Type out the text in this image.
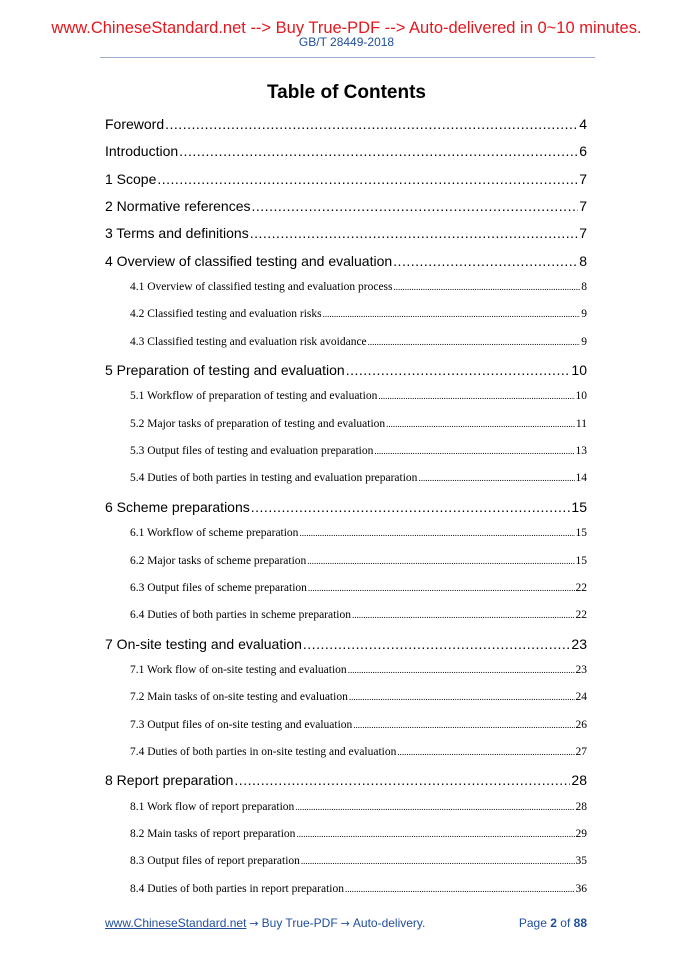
www.ChineseStandard.net --> Buy True-PDF --> Auto-delivered in 0~10 minutes.
GB/T 28449-2018
Table of Contents
Foreword .....	4
Introduction .....	6
1 Scope .....	7
2 Normative references .....	7
3 Terms and definitions .....	7
4 Overview of classified testing and evaluation .....	8
4.1 Overview of classified testing and evaluation process .....	8
4.2 Classified testing and evaluation risks .....	9
4.3 Classified testing and evaluation risk avoidance .....	9
5 Preparation of testing and evaluation .....	10
5.1 Workflow of preparation of testing and evaluation .....	10
5.2 Major tasks of preparation of testing and evaluation .....	11
5.3 Output files of testing and evaluation preparation .....	13
5.4 Duties of both parties in testing and evaluation preparation .....	14
6 Scheme preparations .....	15
6.1 Workflow of scheme preparation .....	15
6.2 Major tasks of scheme preparation .....	15
6.3 Output files of scheme preparation .....	22
6.4 Duties of both parties in scheme preparation .....	22
7 On-site testing and evaluation .....	23
7.1 Work flow of on-site testing and evaluation .....	23
7.2 Main tasks of on-site testing and evaluation .....	24
7.3 Output files of on-site testing and evaluation .....	26
7.4 Duties of both parties in on-site testing and evaluation .....	27
8 Report preparation .....	28
8.1 Work flow of report preparation .....	28
8.2 Main tasks of report preparation .....	29
8.3 Output files of report preparation .....	35
8.4 Duties of both parties in report preparation .....	36
www.ChineseStandard.net → Buy True-PDF → Auto-delivery.	Page 2 of 88
